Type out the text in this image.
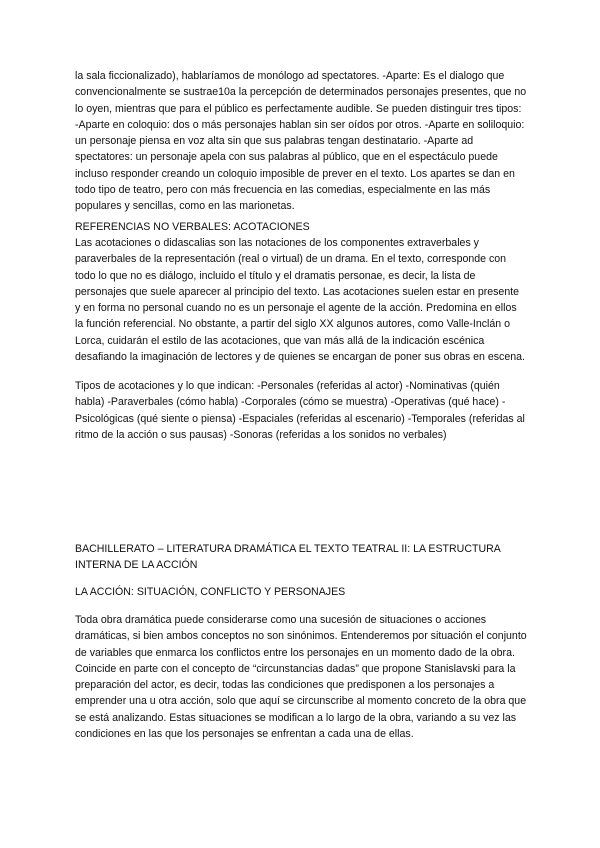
la sala ficcionalizado), hablaríamos de monólogo ad spectatores. -Aparte: Es el dialogo que convencionalmente se sustrae10a la percepción de determinados personajes presentes, que no lo oyen, mientras que para el público es perfectamente audible. Se pueden distinguir tres tipos: -Aparte en coloquio: dos o más personajes hablan sin ser oídos por otros. -Aparte en soliloquio: un personaje piensa en voz alta sin que sus palabras tengan destinatario. -Aparte ad spectatores: un personaje apela con sus palabras al público, que en el espectáculo puede incluso responder creando un coloquio imposible de prever en el texto. Los apartes se dan en todo tipo de teatro, pero con más frecuencia en las comedias, especialmente en las más populares y sencillas, como en las marionetas.

REFERENCIAS NO VERBALES: ACOTACIONES

Las acotaciones o didascalias son las notaciones de los componentes extraverbales y paraverbales de la representación (real o virtual) de un drama. En el texto, corresponde con todo lo que no es diálogo, incluido el título y el dramatis personae, es decir, la lista de personajes que suele aparecer al principio del texto. Las acotaciones suelen estar en presente y en forma no personal cuando no es un personaje el agente de la acción. Predomina en ellos la función referencial. No obstante, a partir del siglo XX algunos autores, como Valle-Inclán o Lorca, cuidarán el estilo de las acotaciones, que van más allá de la indicación escénica desafiando la imaginación de lectores y de quienes se encargan de poner sus obras en escena.

Tipos de acotaciones y lo que indican: -Personales (referidas al actor) -Nominativas (quién habla) -Paraverbales (cómo habla) -Corporales (cómo se muestra) -Operativas (qué hace) -Psicológicas (qué siente o piensa) -Espaciales (referidas al escenario) -Temporales (referidas al ritmo de la acción o sus pausas) -Sonoras (referidas a los sonidos no verbales)

BACHILLERATO – LITERATURA DRAMÁTICA EL TEXTO TEATRAL II: LA ESTRUCTURA INTERNA DE LA ACCIÓN

LA ACCIÓN: SITUACIÓN, CONFLICTO Y PERSONAJES

Toda obra dramática puede considerarse como una sucesión de situaciones o acciones dramáticas, si bien ambos conceptos no son sinónimos. Entenderemos por situación el conjunto de variables que enmarca los conflictos entre los personajes en un momento dado de la obra. Coincide en parte con el concepto de “circunstancias dadas” que propone Stanislavski para la preparación del actor, es decir, todas las condiciones que predisponen a los personajes a emprender una u otra acción, solo que aquí se circunscribe al momento concreto de la obra que se está analizando. Estas situaciones se modifican a lo largo de la obra, variando a su vez las condiciones en las que los personajes se enfrentan a cada una de ellas.
